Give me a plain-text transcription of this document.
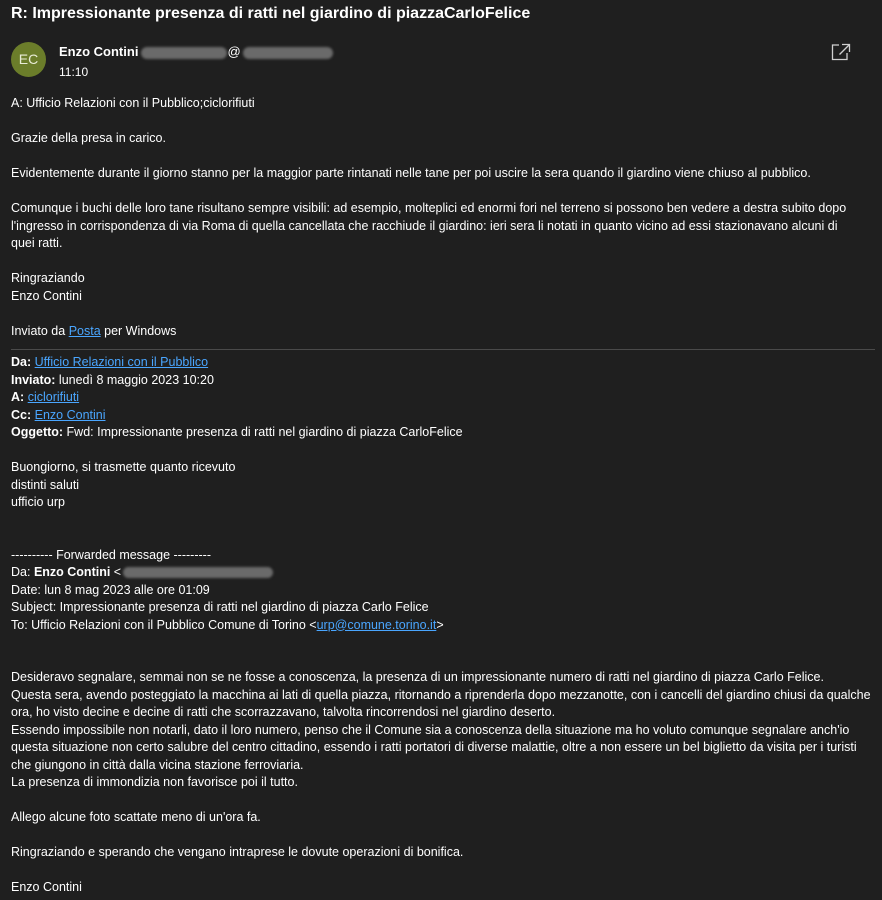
R: Impressionante presenza di ratti nel giardino di piazzaCarloFelice
EC	Enzo Contini	@
11:10
A: Ufficio Relazioni con il Pubblico;ciclorifiuti
Grazie della presa in carico.
Evidentemente durante il giorno stanno per la maggior parte rintanati nelle tane per poi uscire la sera quando il giardino viene chiuso al pubblico.
Comunque i buchi delle loro tane risultano sempre visibili: ad esempio, molteplici ed enormi fori nel terreno si possono ben vedere a destra subito dopo
l'ingresso in corrispondenza di via Roma di quella cancellata che racchiude il giardino: ieri sera li notati in quanto vicino ad essi stazionavano alcuni di
quei ratti.
Ringraziando
Enzo Contini
Inviato da Posta per Windows
Da: Ufficio Relazioni con il Pubblico
Inviato: lunedì 8 maggio 2023 10:20
A: ciclorifiuti
Cc: Enzo Contini
Oggetto: Fwd: Impressionante presenza di ratti nel giardino di piazza CarloFelice
Buongiorno, si trasmette quanto ricevuto
distinti saluti
ufficio urp
---------- Forwarded message ---------
Da: Enzo Contini <
Date: lun 8 mag 2023 alle ore 01:09
Subject: Impressionante presenza di ratti nel giardino di piazza Carlo Felice
To: Ufficio Relazioni con il Pubblico Comune di Torino <urp@comune.torino.it>
Desideravo segnalare, semmai non se ne fosse a conoscenza, la presenza di un impressionante numero di ratti nel giardino di piazza Carlo Felice.
Questa sera, avendo posteggiato la macchina ai lati di quella piazza, ritornando a riprenderla dopo mezzanotte, con i cancelli del giardino chiusi da qualche
ora, ho visto decine e decine di ratti che scorrazzavano, talvolta rincorrendosi nel giardino deserto.
Essendo impossibile non notarli, dato il loro numero, penso che il Comune sia a conoscenza della situazione ma ho voluto comunque segnalare anch'io
questa situazione non certo salubre del centro cittadino, essendo i ratti portatori di diverse malattie, oltre a non essere un bel biglietto da visita per i turisti
che giungono in città dalla vicina stazione ferroviaria.
La presenza di immondizia non favorisce poi il tutto.
Allego alcune foto scattate meno di un'ora fa.
Ringraziando e sperando che vengano intraprese le dovute operazioni di bonifica.
Enzo Contini
